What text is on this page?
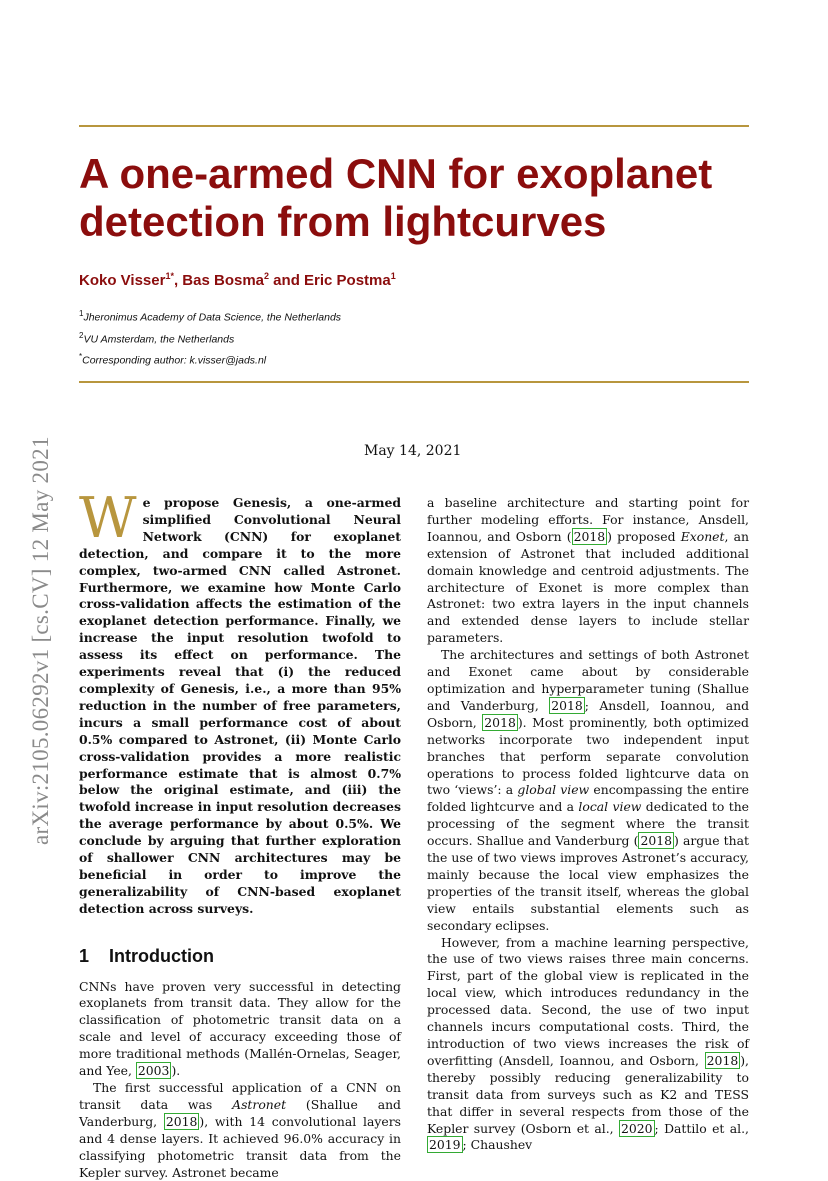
A one-armed CNN for exoplanet detection from lightcurves
Koko Visser$^{1*}$, Bas Bosma$^2$ and Eric Postma$^1$
$^1$Jheronimus Academy of Data Science, the Netherlands
$^2$VU Amsterdam, the Netherlands
*Corresponding author: k.visser@jads.nl
arXiv:2105.06292v1 [cs.CV] 12 May 2021	May 14, 2021

We propose Genesis, a one-armed simplified Convolutional Neural Network (CNN) for exoplanet detection, and compare it to the more complex, two-armed CNN called Astronet. Furthermore, we examine how Monte Carlo cross-validation affects the estimation of the exoplanet detection performance. Finally, we increase the input resolution twofold to assess its effect on performance. The experiments reveal that (i) the reduced complexity of Genesis, i.e., a more than 95% reduction in the number of free parameters, incurs a small performance cost of about 0.5% compared to Astronet, (ii) Monte Carlo cross-validation provides a more realistic performance estimate that is almost 0.7% below the original estimate, and (iii) the twofold increase in input resolution decreases the average performance by about 0.5%. We conclude by arguing that further exploration of shallower CNN architectures may be beneficial in order to improve the generalizability of CNN-based exoplanet detection across surveys.

1 Introduction

CNNs have proven very successful in detecting exoplanets from transit data. They allow for the classification of photometric transit data on a scale and level of accuracy exceeding those of more traditional methods (Mallén-Ornelas, Seager, and Yee, 2003 ).

The first successful application of a CNN on transit data was Astronet (Shallue and Vanderburg, 2018 ), with 14 convolutional layers and 4 dense layers. It achieved 96.0% accuracy in classifying photometric transit data from the Kepler survey. Astronet became

a baseline architecture and starting point for further modeling efforts. For instance, Ansdell, Ioannou, and Osborn ( 2018 ) proposed Exonet, an extension of Astronet that included additional domain knowledge and centroid adjustments. The architecture of Exonet is more complex than Astronet: two extra layers in the input channels and extended dense layers to include stellar parameters.

The architectures and settings of both Astronet and Exonet came about by considerable optimization and hyperparameter tuning (Shallue and Vanderburg, 2018 ; Ansdell, Ioannou, and Osborn, 2018 ). Most prominently, both optimized networks incorporate two independent input branches that perform separate convolution operations to process folded lightcurve data on two ‘views’: a global view encompassing the entire folded lightcurve and a local view dedicated to the processing of the segment where the transit occurs. Shallue and Vanderburg ( 2018 ) argue that the use of two views improves Astronet’s accuracy, mainly because the local view emphasizes the properties of the transit itself, whereas the global view entails substantial elements such as secondary eclipses.

However, from a machine learning perspective, the use of two views raises three main concerns. First, part of the global view is replicated in the local view, which introduces redundancy in the processed data. Second, the use of two input channels incurs computational costs. Third, the introduction of two views increases the risk of overfitting (Ansdell, Ioannou, and Osborn, 2018 ), thereby possibly reducing generalizability to transit data from surveys such as K2 and TESS that differ in several respects from those of the Kepler survey (Osborn et al., 2020 ; Dattilo et al., 2019 ; Chaushev
